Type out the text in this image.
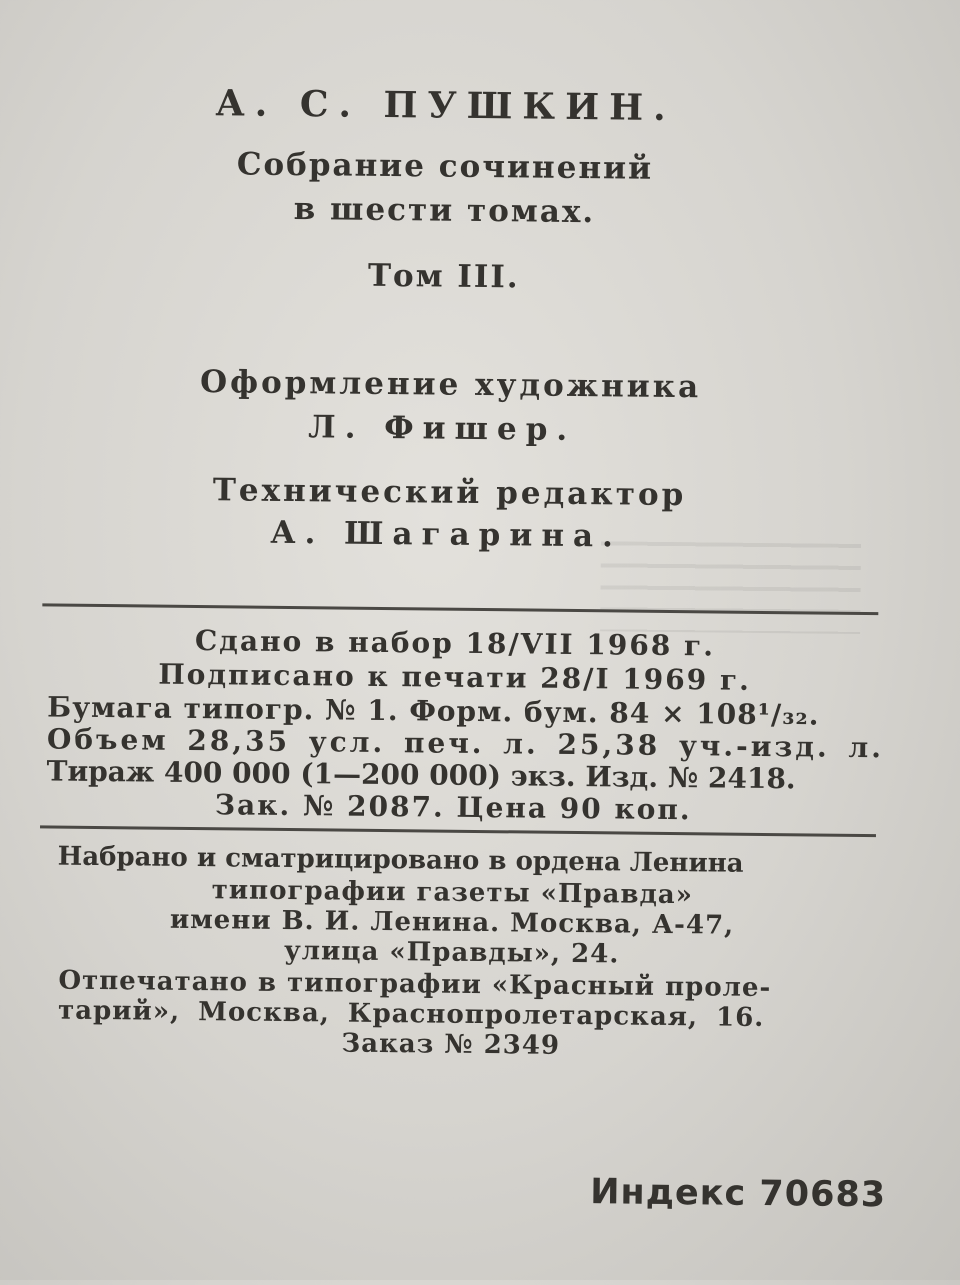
А. С. ПУШКИН.
Собрание сочинений
в шести томах.
Том III.
Оформление художника
Л. Фишер.
Технический редактор
А. Шагарина.
Сдано в набор 18/VII 1968 г.
Подписано к печати 28/I 1969 г.
Бумага типогр. № 1. Форм. бум. 84 × 108¹/₃₂.
Объем 28,35 усл. печ. л. 25,38 уч.-изд. л.
Тираж 400 000 (1—200 000) экз. Изд. № 2418.
Зак. № 2087. Цена 90 коп.
Набрано и сматрицировано в ордена Ленина
типографии газеты «Правда»
имени В. И. Ленина. Москва, А-47,
улица «Правды», 24.
Отпечатано в типографии «Красный проле-
тарий», Москва, Краснопролетарская, 16.
Заказ № 2349
Индекс 70683
